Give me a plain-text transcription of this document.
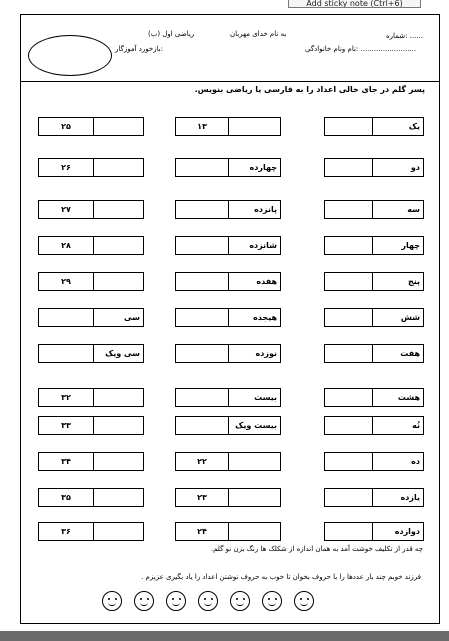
Add sticky note (Ctrl+6)
شماره: ......
به نام خدای مهربان
ریاضی اول (ب)
نام ونام خانوادگی: .........................
بازخورد آموزگار:
پسر گلم در جای خالی اعداد را به فارسی یا ریاضی بنویس.
یک
دو
سه
چهار
پنج
شش
هفت
هشت
نُه
ده
یازده
دوازده
۱۳
چهارده
پانزده
شانزده
هفده
هیجده
نوزده
بیست
بیست ویک
۲۲
۲۳
۲۴
۲۵
۲۶
۲۷
۲۸
۲۹
سی
سی ویک
۳۲
۳۳
۳۴
۳۵
۳۶
چه قدر از تکلیف خوشت آمد به همان اندازه از شکلک ها رنگ بزن نو گلم.
فرزند خوبم چند بار عددها را با حروف بخوان تا خوب به حروف نوشتن اعداد را یاد بگیری عزیزم .
